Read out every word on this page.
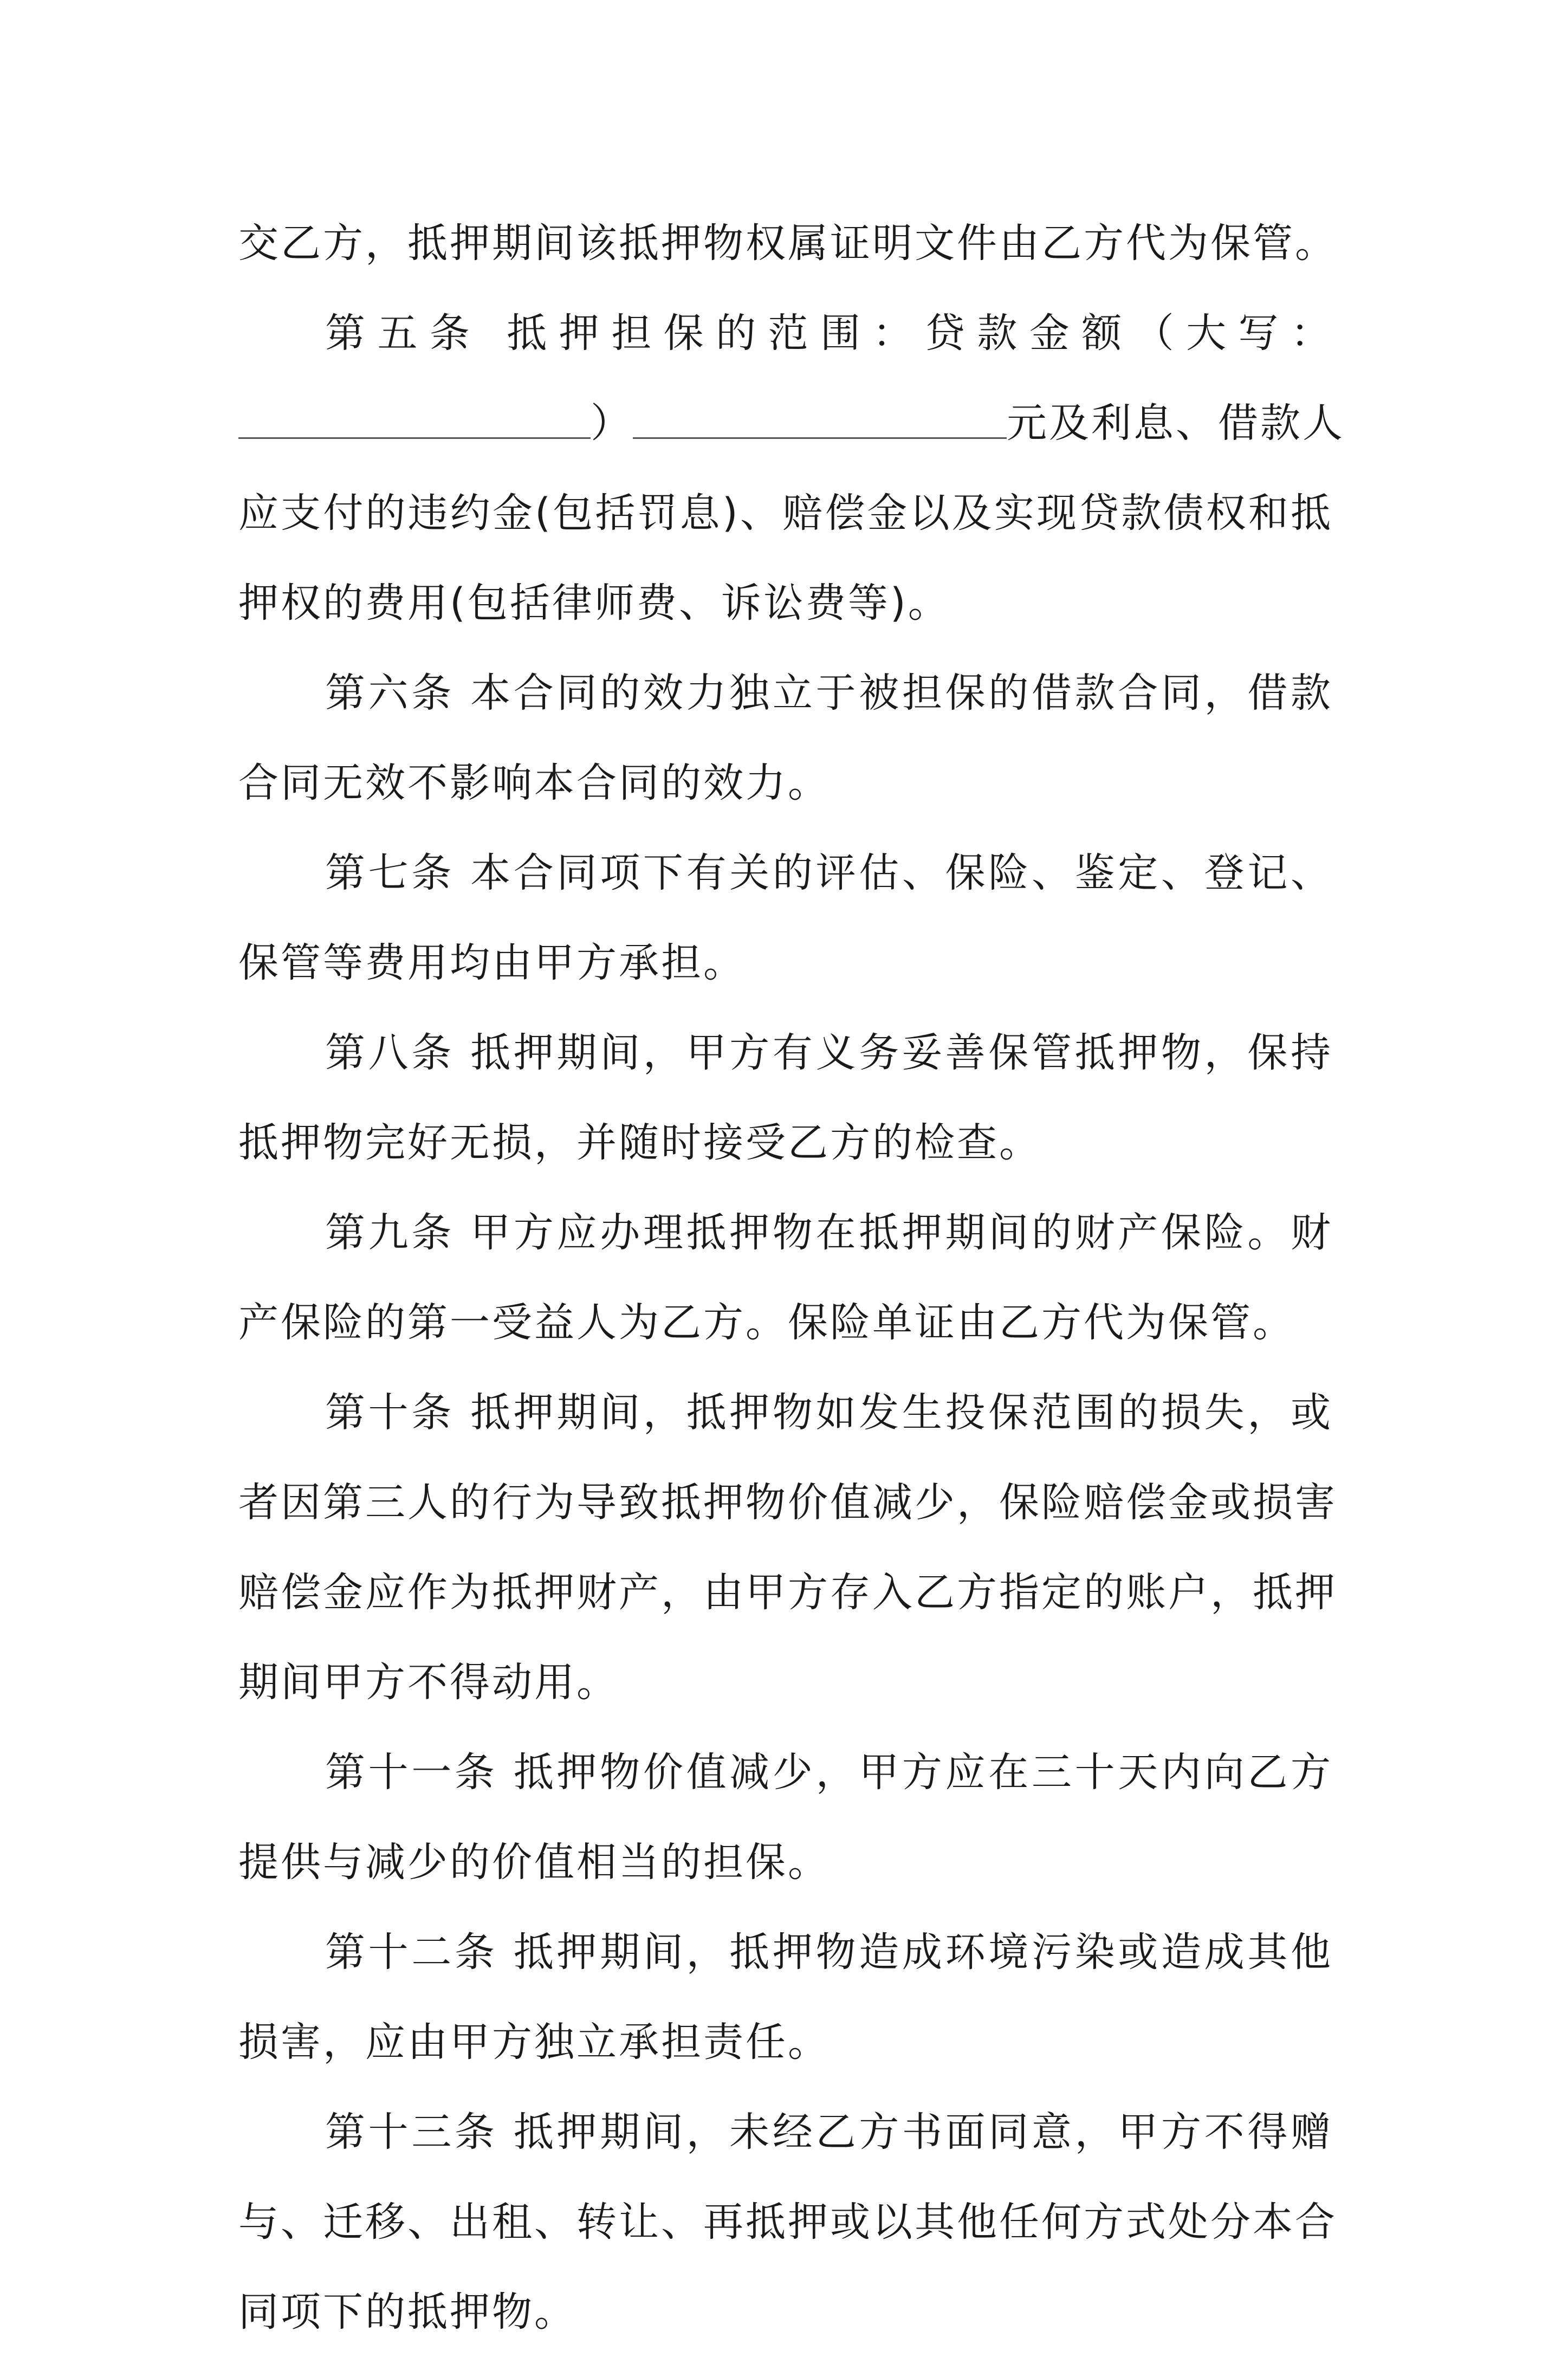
交乙方，抵押期间该抵押物权属证明文件由乙方代为保管。
第五条 抵押担保的范围：贷款金额（大写：
）	元及利息、借款人
应支付的违约金(包括罚息)、赔偿金以及实现贷款债权和抵
押权的费用(包括律师费、诉讼费等)。
第六条 本合同的效力独立于被担保的借款合同，借款
合同无效不影响本合同的效力。
第七条 本合同项下有关的评估、保险、鉴定、登记、
保管等费用均由甲方承担。
第八条 抵押期间，甲方有义务妥善保管抵押物，保持
抵押物完好无损，并随时接受乙方的检查。
第九条 甲方应办理抵押物在抵押期间的财产保险。财
产保险的第一受益人为乙方。保险单证由乙方代为保管。
第十条 抵押期间，抵押物如发生投保范围的损失，或
者因第三人的行为导致抵押物价值减少，保险赔偿金或损害
赔偿金应作为抵押财产，由甲方存入乙方指定的账户，抵押
期间甲方不得动用。
第十一条 抵押物价值减少，甲方应在三十天内向乙方
提供与减少的价值相当的担保。
第十二条 抵押期间，抵押物造成环境污染或造成其他
损害，应由甲方独立承担责任。
第十三条 抵押期间，未经乙方书面同意，甲方不得赠
与、迁移、出租、转让、再抵押或以其他任何方式处分本合
同项下的抵押物。
